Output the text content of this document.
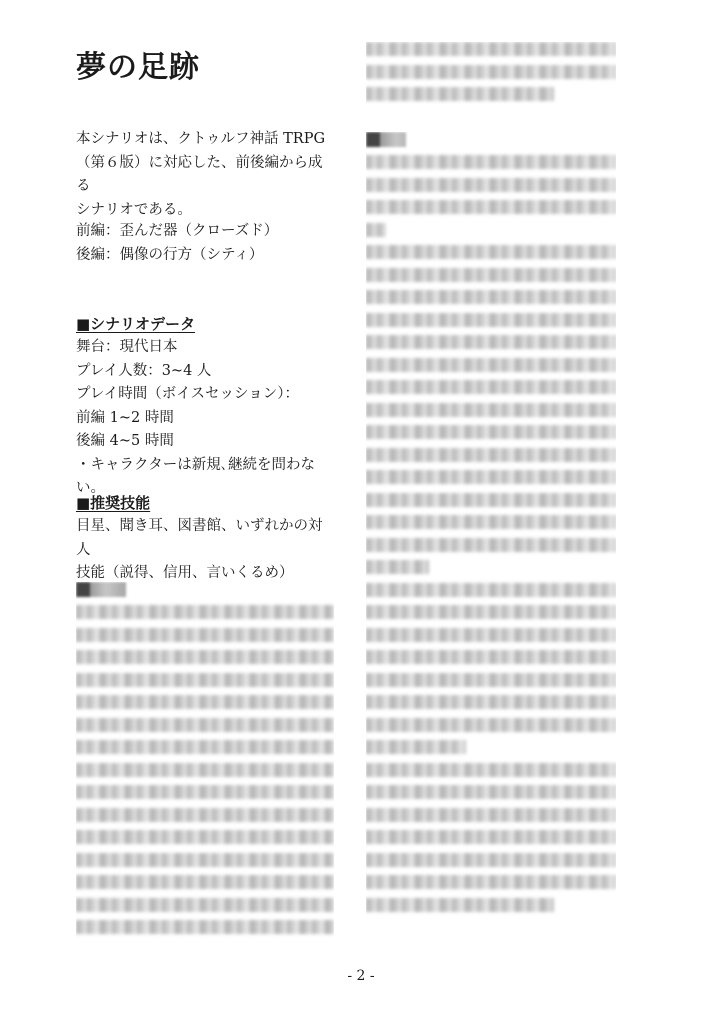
夢の足跡
本シナリオは、クトゥルフ神話 TRPG
（第６版）に対応した、前後編から成る
シナリオである。
前編：歪んだ器（クローズド）
後編：偶像の行方（シティ）
■シナリオデータ
舞台：現代日本
プレイ人数：3~4 人
プレイ時間（ボイスセッション）：
前編 1~2 時間
後編 4~5 時間
・キャラクターは新規､継続を問わない。
■推奨技能
目星、聞き耳、図書館、いずれかの対人
技能（説得、信用、言いくるめ）
- 2 -
